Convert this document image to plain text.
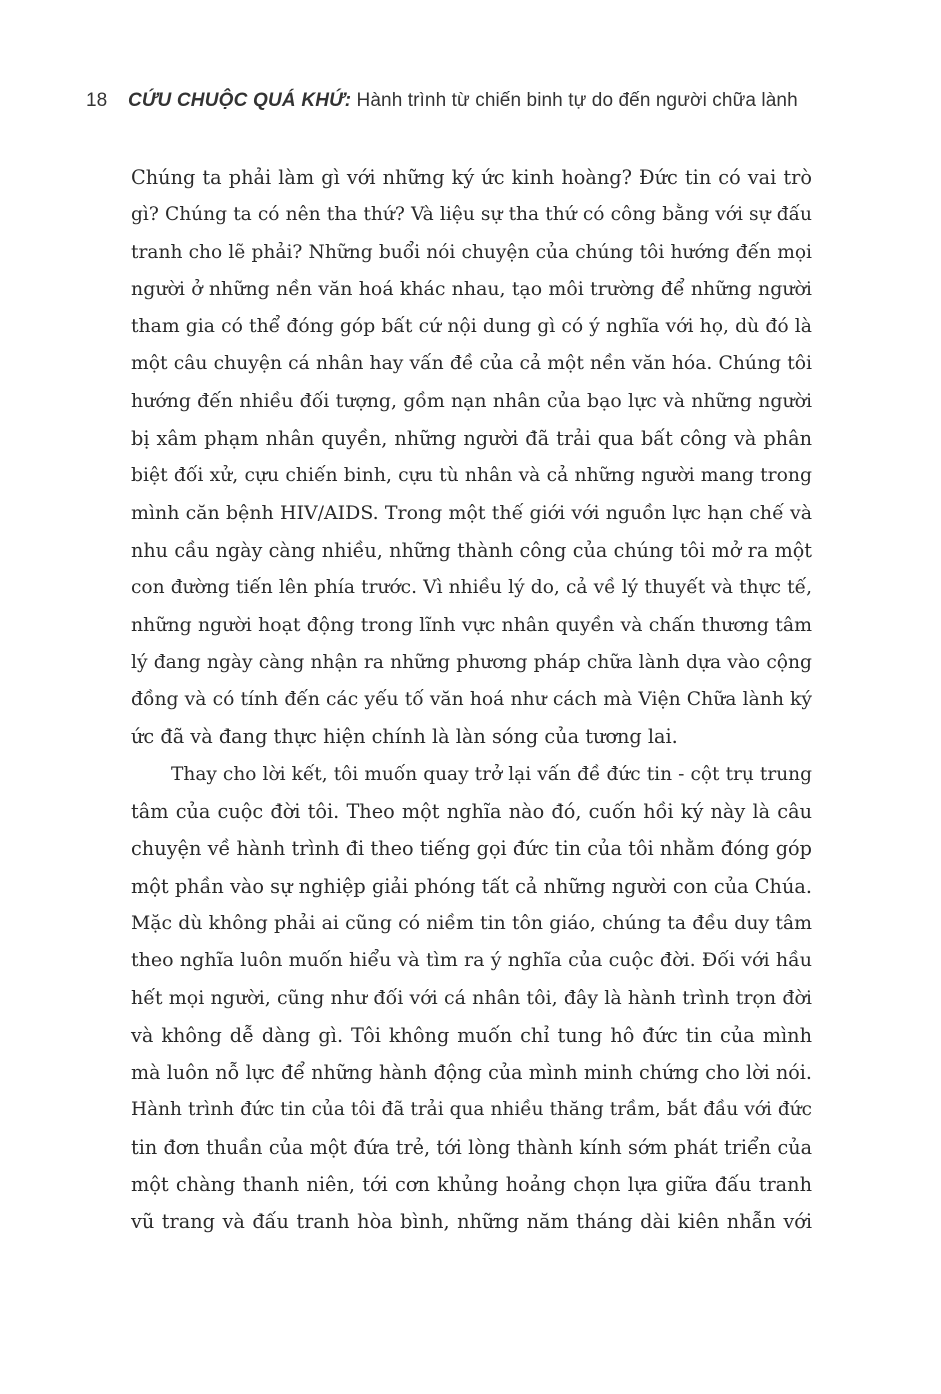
18 CỨU CHUỘC QUÁ KHỨ: Hành trình từ chiến binh tự do đến người chữa lành

Chúng ta phải làm gì với những ký ức kinh hoàng? Đức tin có vai trò
gì? Chúng ta có nên tha thứ? Và liệu sự tha thứ có công bằng với sự đấu
tranh cho lẽ phải? Những buổi nói chuyện của chúng tôi hướng đến mọi
người ở những nền văn hoá khác nhau, tạo môi trường để những người
tham gia có thể đóng góp bất cứ nội dung gì có ý nghĩa với họ, dù đó là
một câu chuyện cá nhân hay vấn đề của cả một nền văn hóa. Chúng tôi
hướng đến nhiều đối tượng, gồm nạn nhân của bạo lực và những người
bị xâm phạm nhân quyền, những người đã trải qua bất công và phân
biệt đối xử, cựu chiến binh, cựu tù nhân và cả những người mang trong
mình căn bệnh HIV/AIDS. Trong một thế giới với nguồn lực hạn chế và
nhu cầu ngày càng nhiều, những thành công của chúng tôi mở ra một
con đường tiến lên phía trước. Vì nhiều lý do, cả về lý thuyết và thực tế,
những người hoạt động trong lĩnh vực nhân quyền và chấn thương tâm
lý đang ngày càng nhận ra những phương pháp chữa lành dựa vào cộng
đồng và có tính đến các yếu tố văn hoá như cách mà Viện Chữa lành ký
ức đã và đang thực hiện chính là làn sóng của tương lai.

Thay cho lời kết, tôi muốn quay trở lại vấn đề đức tin - cột trụ trung
tâm của cuộc đời tôi. Theo một nghĩa nào đó, cuốn hồi ký này là câu
chuyện về hành trình đi theo tiếng gọi đức tin của tôi nhằm đóng góp
một phần vào sự nghiệp giải phóng tất cả những người con của Chúa.
Mặc dù không phải ai cũng có niềm tin tôn giáo, chúng ta đều duy tâm
theo nghĩa luôn muốn hiểu và tìm ra ý nghĩa của cuộc đời. Đối với hầu
hết mọi người, cũng như đối với cá nhân tôi, đây là hành trình trọn đời
và không dễ dàng gì. Tôi không muốn chỉ tung hô đức tin của mình
mà luôn nỗ lực để những hành động của mình minh chứng cho lời nói.
Hành trình đức tin của tôi đã trải qua nhiều thăng trầm, bắt đầu với đức
tin đơn thuần của một đứa trẻ, tới lòng thành kính sớm phát triển của
một chàng thanh niên, tới cơn khủng hoảng chọn lựa giữa đấu tranh
vũ trang và đấu tranh hòa bình, những năm tháng dài kiên nhẫn với
